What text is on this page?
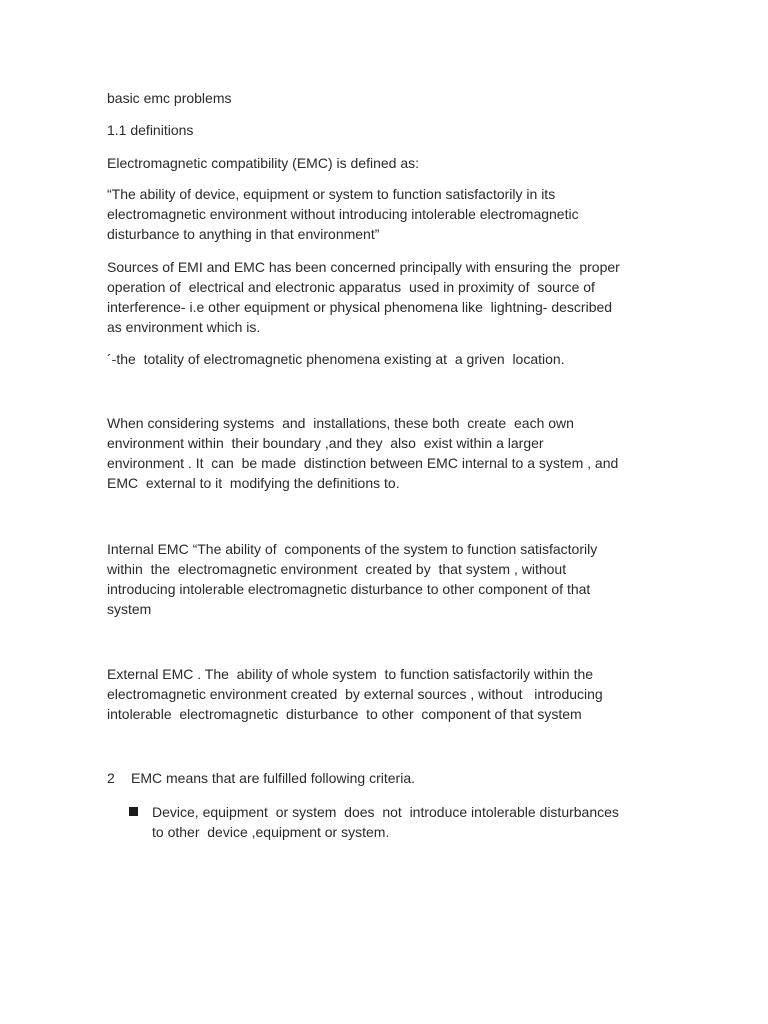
basic emc problems

1.1 definitions

Electromagnetic compatibility (EMC) is defined as:

“The ability of device, equipment or system to function satisfactorily in its
electromagnetic environment without introducing intolerable electromagnetic
disturbance to anything in that environment”

Sources of EMI and EMC has been concerned principally with ensuring the  proper
operation of  electrical and electronic apparatus  used in proximity of  source of
interference- i.e other equipment or physical phenomena like  lightning- described
as environment which is.

´-the  totality of electromagnetic phenomena existing at  a griven  location.

When considering systems  and  installations, these both  create  each own
environment within  their boundary ,and they  also  exist within a larger
environment . It  can  be made  distinction between EMC internal to a system , and
EMC  external to it  modifying the definitions to.

Internal EMC “The ability of  components of the system to function satisfactorily
within  the  electromagnetic environment  created by  that system , without
introducing intolerable electromagnetic disturbance to other component of that
system

External EMC . The  ability of whole system  to function satisfactorily within the
electromagnetic environment created  by external sources , without   introducing
intolerable  electromagnetic  disturbance  to other  component of that system

2	EMC means that are fulfilled following criteria.

Device, equipment  or system  does  not  introduce intolerable disturbances
to other  device ,equipment or system.
